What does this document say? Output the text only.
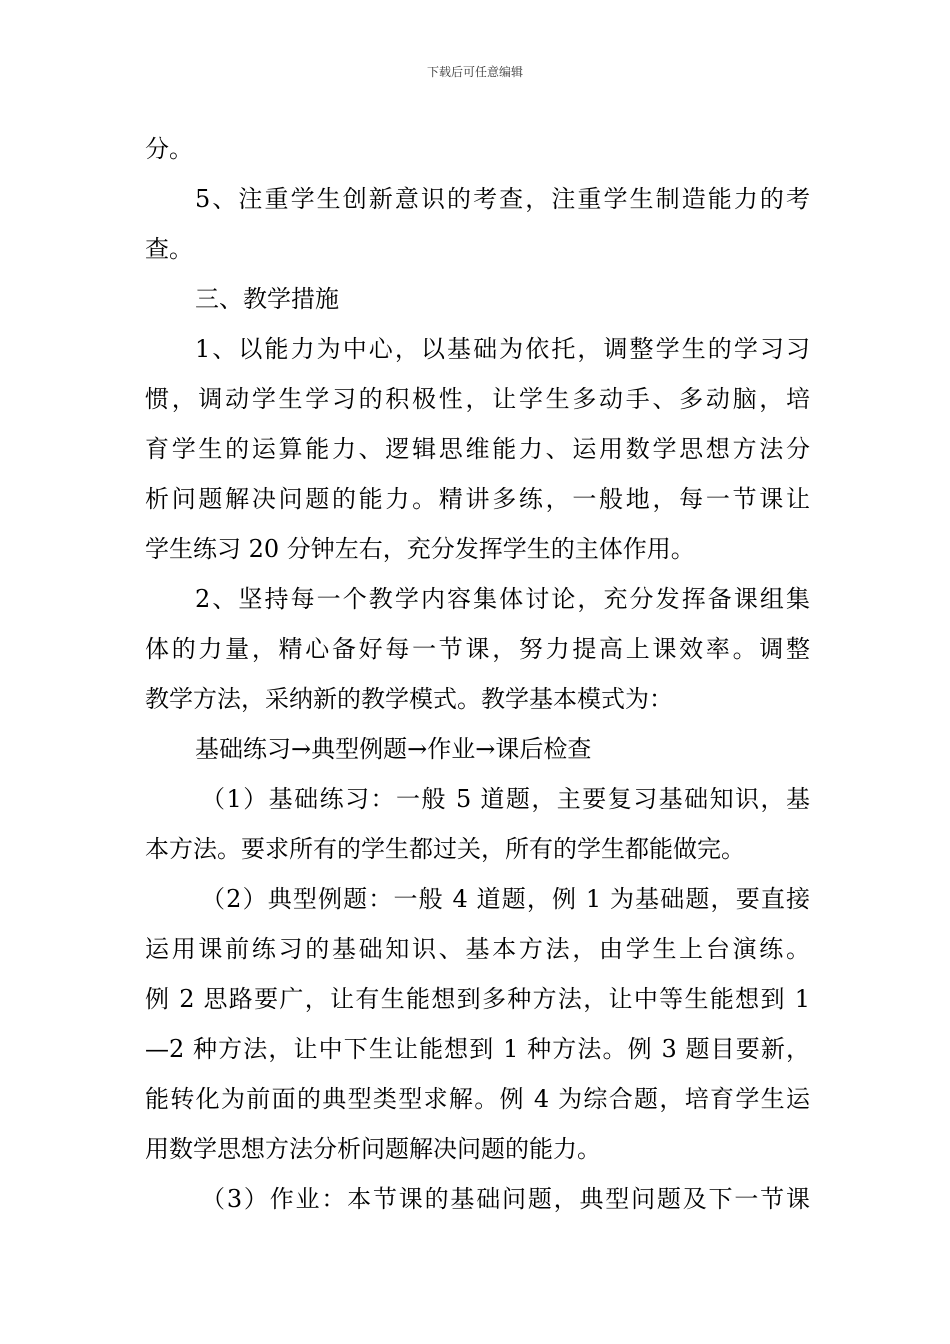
下载后可任意编辑
分。
5、注重学生创新意识的考查，注重学生制造能力的考
查。
三、教学措施
1、以能力为中心，以基础为依托，调整学生的学习习
惯，调动学生学习的积极性，让学生多动手、多动脑，培
育学生的运算能力、逻辑思维能力、运用数学思想方法分
析问题解决问题的能力。精讲多练，一般地，每一节课让
学生练习 20 分钟左右，充分发挥学生的主体作用。
2、坚持每一个教学内容集体讨论，充分发挥备课组集
体的力量，精心备好每一节课，努力提高上课效率。调整
教学方法，采纳新的教学模式。教学基本模式为：
基础练习→典型例题→作业→课后检查
（1）基础练习：一般 5 道题，主要复习基础知识，基
本方法。要求所有的学生都过关，所有的学生都能做完。
（2）典型例题：一般 4 道题，例 1 为基础题，要直接
运用课前练习的基础知识、基本方法，由学生上台演练。
例 2 思路要广，让有生能想到多种方法，让中等生能想到 1
—2 种方法，让中下生让能想到 1 种方法。例 3 题目要新，
能转化为前面的典型类型求解。例 4 为综合题，培育学生运
用数学思想方法分析问题解决问题的能力。
（3）作业：本节课的基础问题，典型问题及下一节课
